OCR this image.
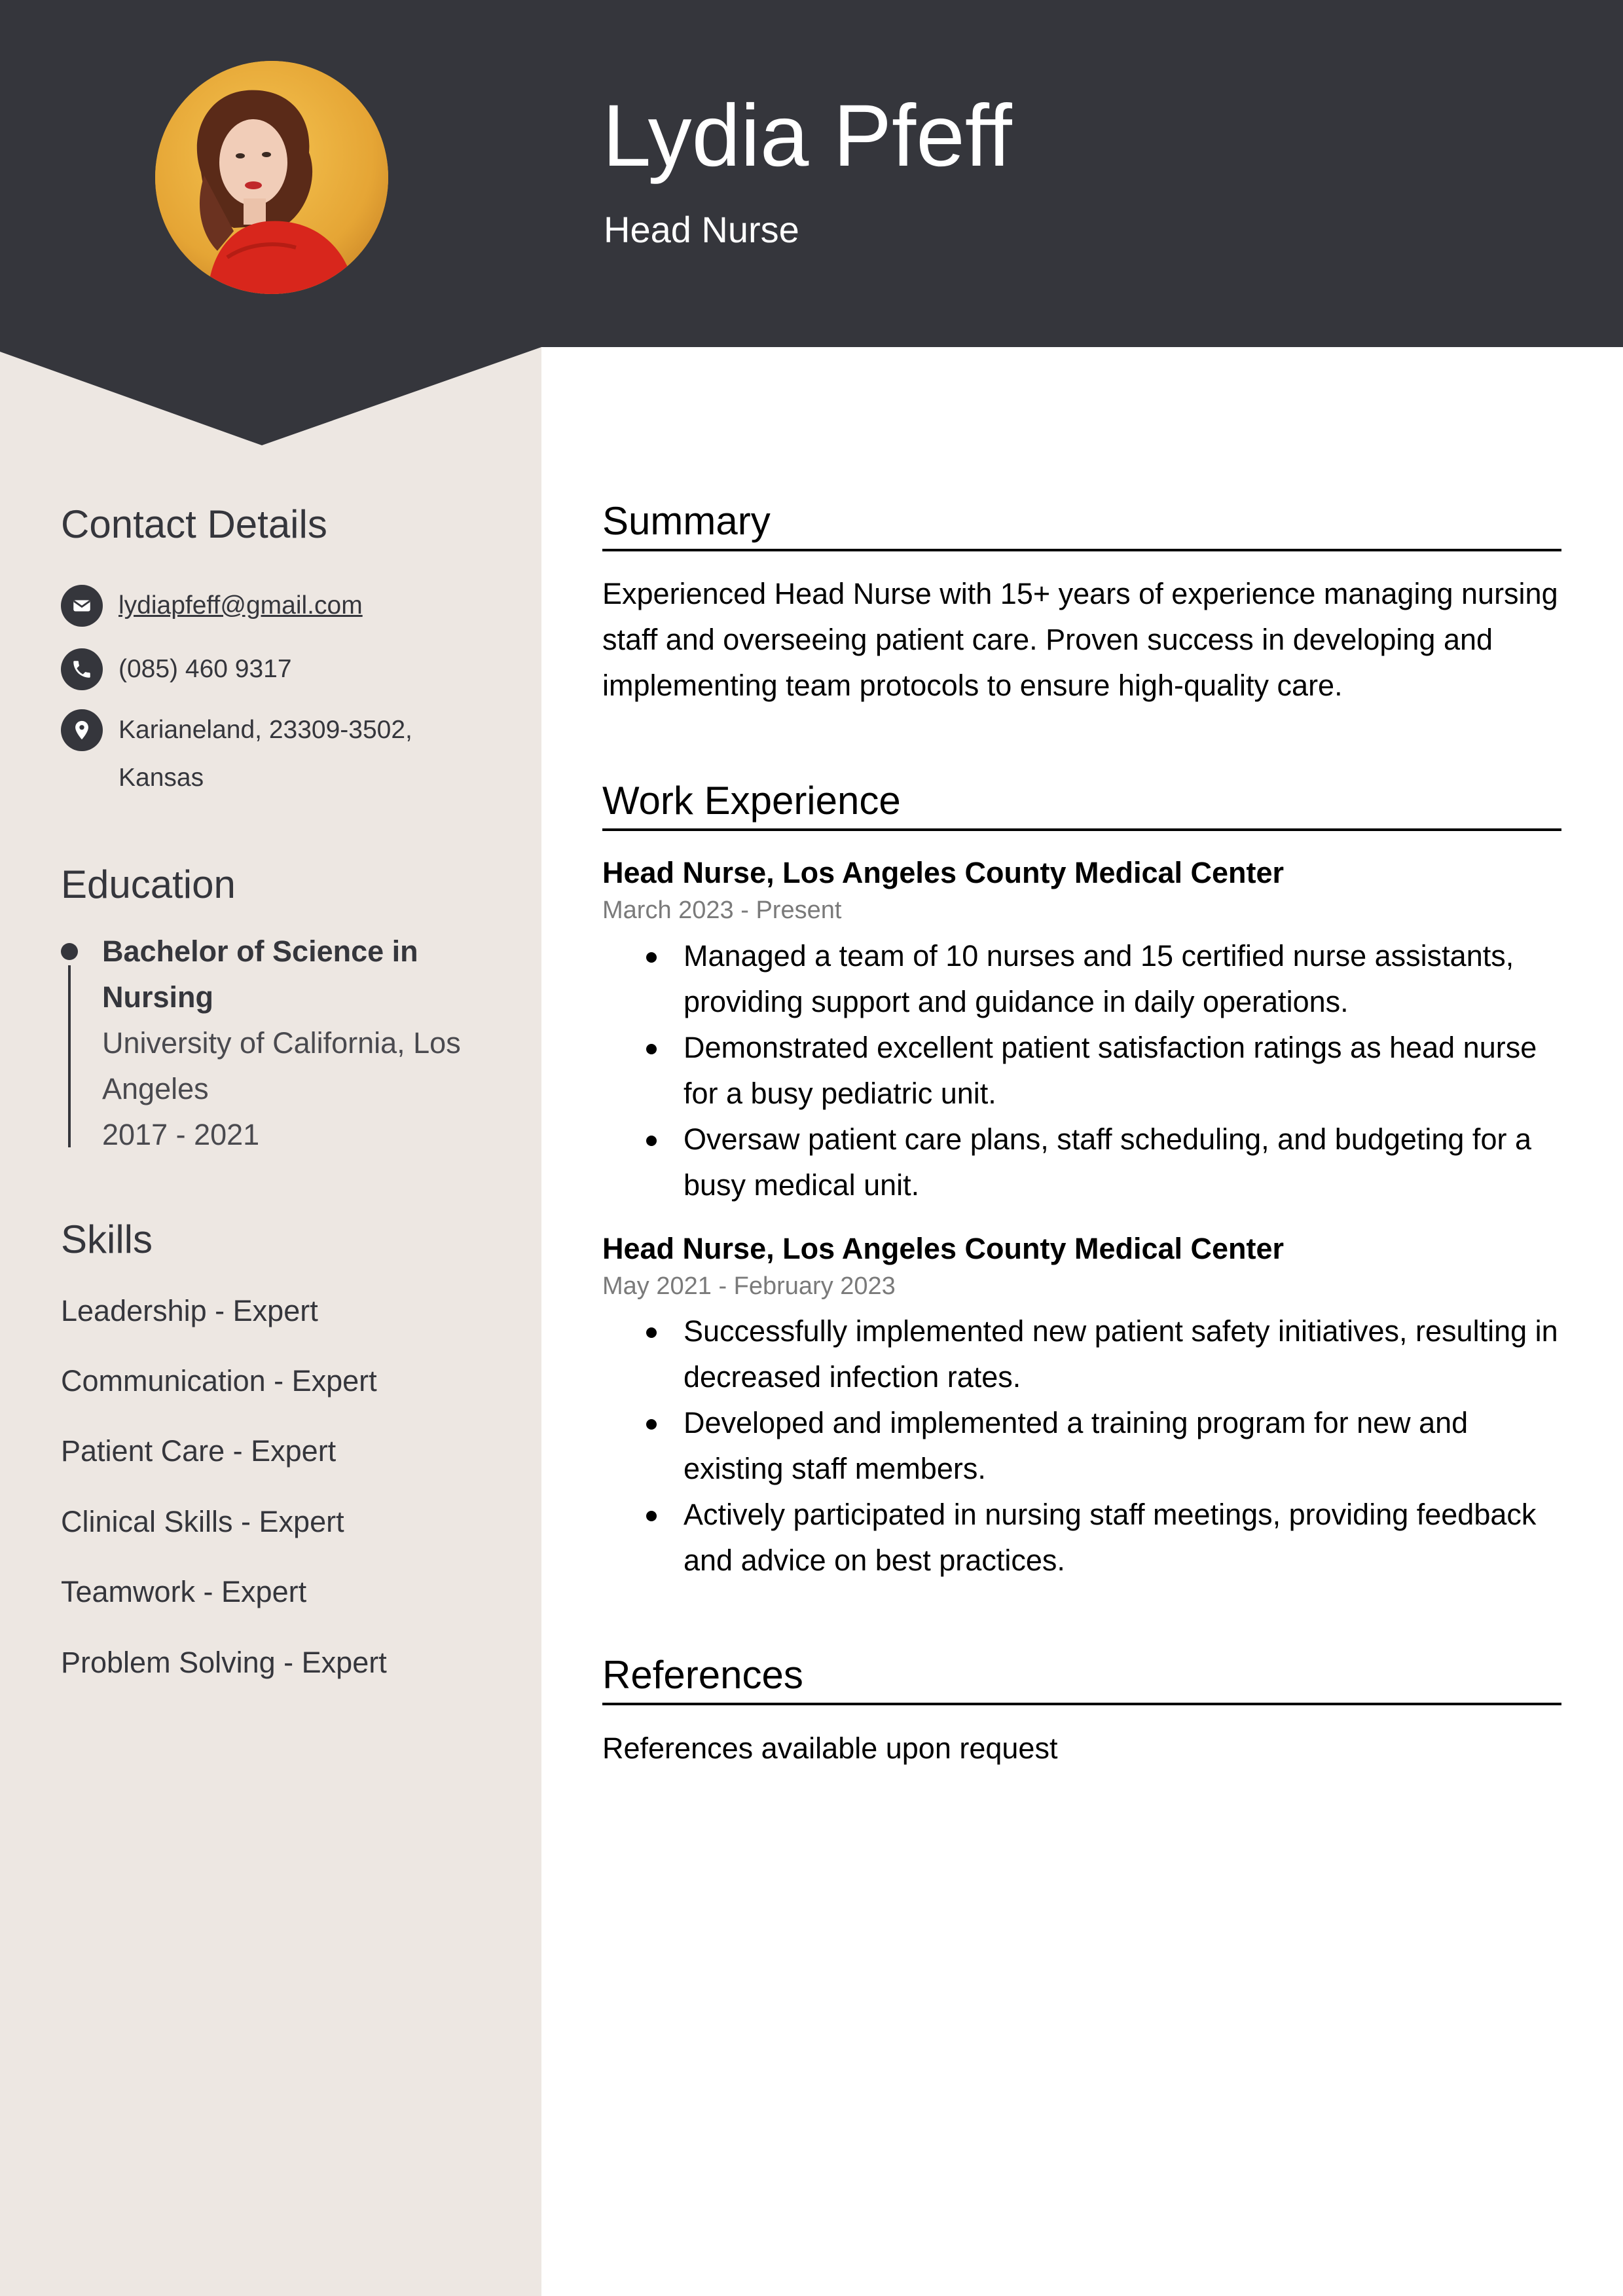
Lydia Pfeff
Head Nurse
Contact Details
lydiapfeff@gmail.com
(085) 460 9317
Karianeland, 23309-3502,
Kansas
Education
Bachelor of Science in
Nursing
University of California, Los
Angeles
2017 - 2021
Skills
Leadership - Expert
Communication - Expert
Patient Care - Expert
Clinical Skills - Expert
Teamwork - Expert
Problem Solving - Expert
Summary
Experienced Head Nurse with 15+ years of experience managing nursing staff and overseeing patient care. Proven success in developing and implementing team protocols to ensure high-quality care.
Work Experience
Head Nurse, Los Angeles County Medical Center
March 2023 - Present
Managed a team of 10 nurses and 15 certified nurse assistants, providing support and guidance in daily operations.
Demonstrated excellent patient satisfaction ratings as head nurse for a busy pediatric unit.
Oversaw patient care plans, staff scheduling, and budgeting for a busy medical unit.
Head Nurse, Los Angeles County Medical Center
May 2021 - February 2023
Successfully implemented new patient safety initiatives, resulting in decreased infection rates.
Developed and implemented a training program for new and existing staff members.
Actively participated in nursing staff meetings, providing feedback and advice on best practices.
References
References available upon request
